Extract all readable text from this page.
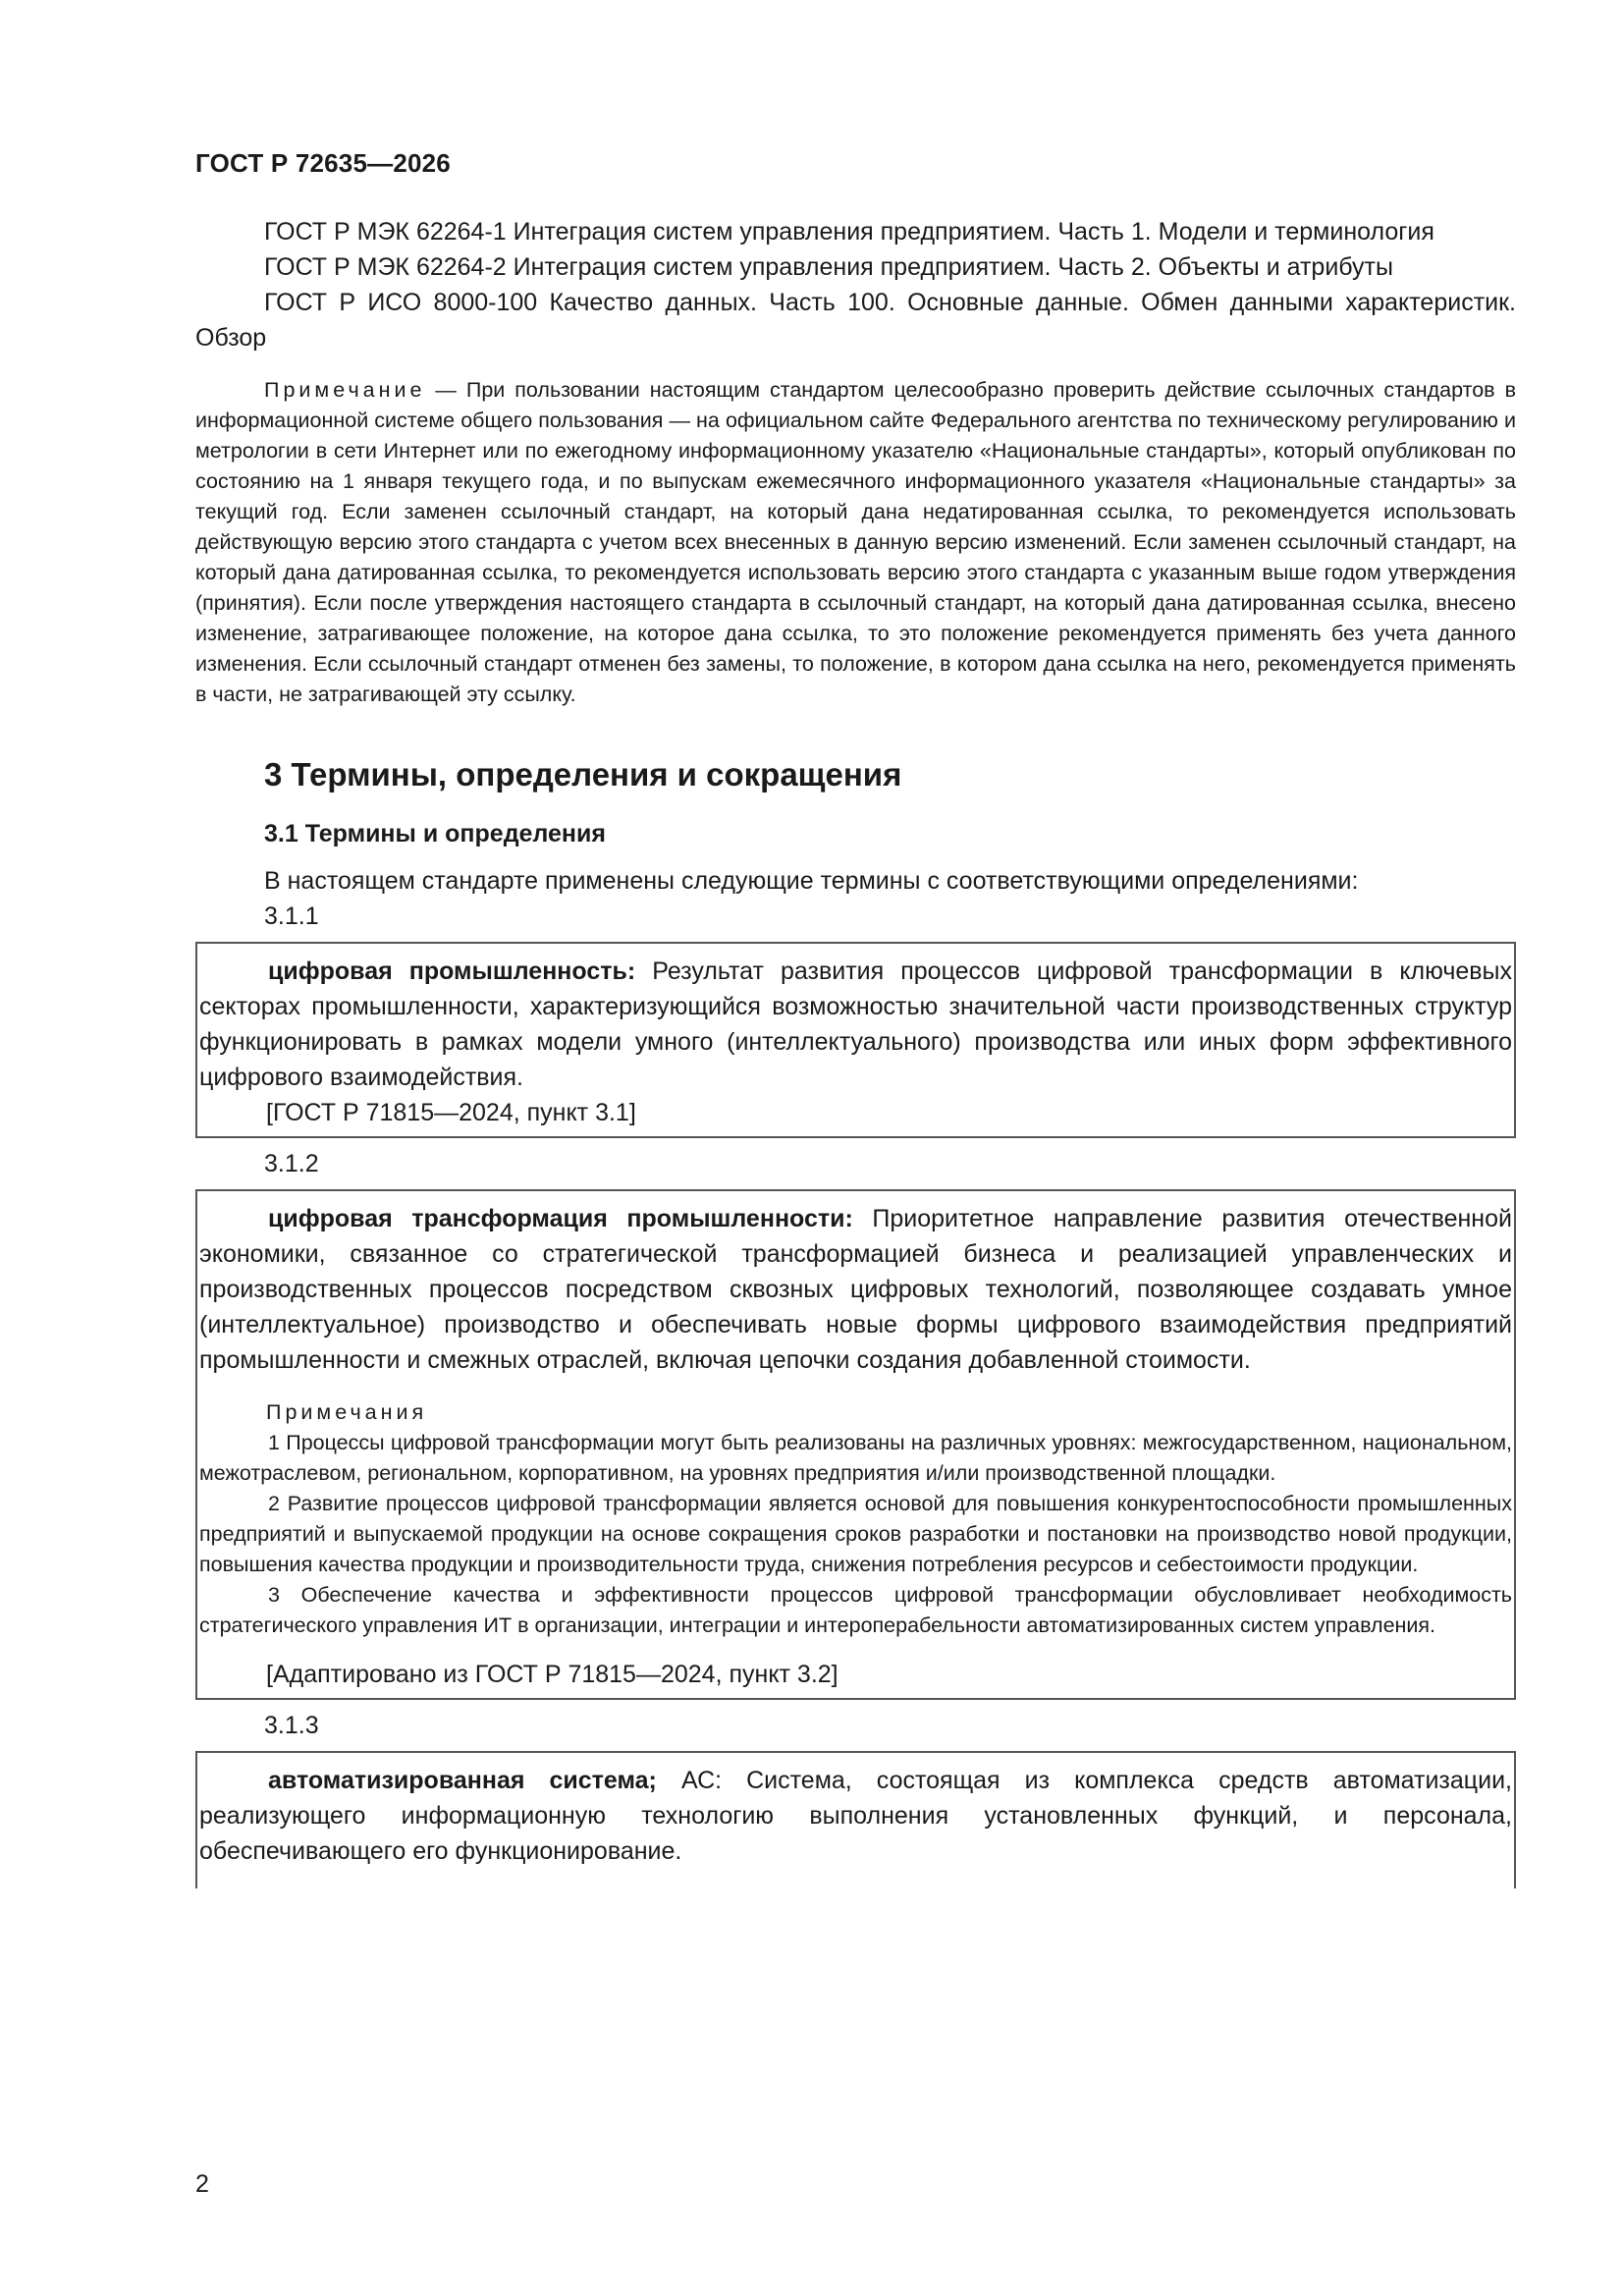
ГОСТ Р 72635—2026

ГОСТ Р МЭК 62264-1 Интеграция систем управления предприятием. Часть 1. Модели и терминология

ГОСТ Р МЭК 62264-2 Интеграция систем управления предприятием. Часть 2. Объекты и атрибуты

ГОСТ Р ИСО 8000-100 Качество данных. Часть 100. Основные данные. Обмен данными характеристик. Обзор

Примечание — При пользовании настоящим стандартом целесообразно проверить действие ссылочных стандартов в информационной системе общего пользования — на официальном сайте Федерального агентства по техническому регулированию и метрологии в сети Интернет или по ежегодному информационному указателю «Национальные стандарты», который опубликован по состоянию на 1 января текущего года, и по выпускам ежемесячного информационного указателя «Национальные стандарты» за текущий год. Если заменен ссылочный стандарт, на который дана недатированная ссылка, то рекомендуется использовать действующую версию этого стандарта с учетом всех внесенных в данную версию изменений. Если заменен ссылочный стандарт, на который дана датированная ссылка, то рекомендуется использовать версию этого стандарта с указанным выше годом утверждения (принятия). Если после утверждения настоящего стандарта в ссылочный стандарт, на который дана датированная ссылка, внесено изменение, затрагивающее положение, на которое дана ссылка, то это положение рекомендуется применять без учета данного изменения. Если ссылочный стандарт отменен без замены, то положение, в котором дана ссылка на него, рекомендуется применять в части, не затрагивающей эту ссылку.

3 Термины, определения и сокращения
3.1 Термины и определения

В настоящем стандарте применены следующие термины с соответствующими определениями:

3.1.1

цифровая промышленность: Результат развития процессов цифровой трансформации в ключевых секторах промышленности, характеризующийся возможностью значительной части производственных структур функционировать в рамках модели умного (интеллектуального) производства или иных форм эффективного цифрового взаимодействия.

[ГОСТ Р 71815—2024, пункт 3.1]
3.1.2

цифровая трансформация промышленности: Приоритетное направление развития отечественной экономики, связанное со стратегической трансформацией бизнеса и реализацией управленческих и производственных процессов посредством сквозных цифровых технологий, позволяющее создавать умное (интеллектуальное) производство и обеспечивать новые формы цифрового взаимодействия предприятий промышленности и смежных отраслей, включая цепочки создания добавленной стоимости.

Примечания

1 Процессы цифровой трансформации могут быть реализованы на различных уровнях: межгосударственном, национальном, межотраслевом, региональном, корпоративном, на уровнях предприятия и/или производственной площадки.

2 Развитие процессов цифровой трансформации является основой для повышения конкурентоспособности промышленных предприятий и выпускаемой продукции на основе сокращения сроков разработки и постановки на производство новой продукции, повышения качества продукции и производительности труда, снижения потребления ресурсов и себестоимости продукции.

3 Обеспечение качества и эффективности процессов цифровой трансформации обусловливает необходимость стратегического управления ИТ в организации, интеграции и интероперабельности автоматизированных систем управления.

[Адаптировано из ГОСТ Р 71815—2024, пункт 3.2]
3.1.3

автоматизированная система; АС: Система, состоящая из комплекса средств автоматизации, реализующего информационную технологию выполнения установленных функций, и персонала, обеспечивающего его функционирование.

2
